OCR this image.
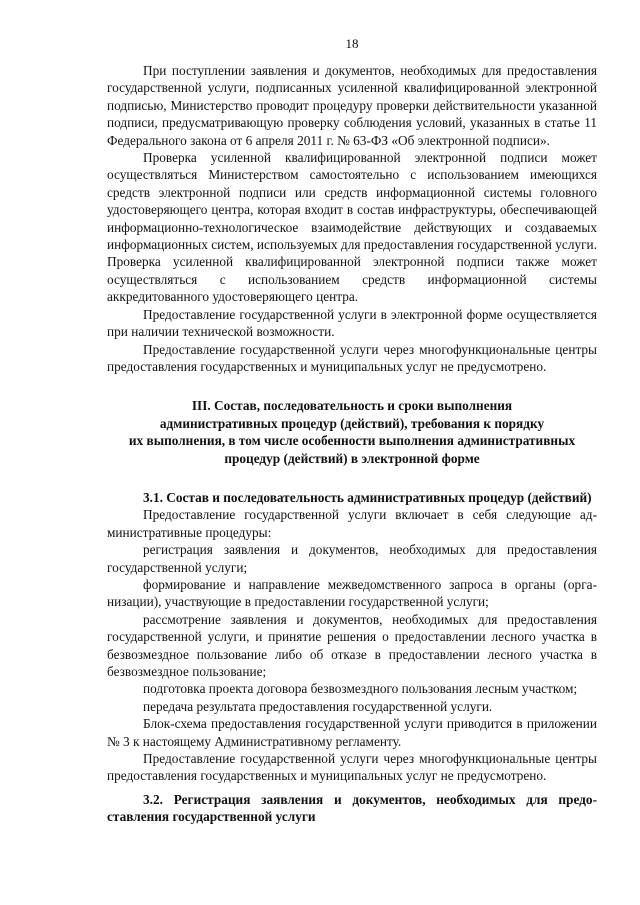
18

При поступлении заявления и документов, необходимых для предоставления государственной услуги, подписанных усиленной квалифицированной электронной подписью, Министерство проводит процедуру проверки действительности указанной подписи, предусматривающую проверку соблюдения условий, указанных в статье 11 Федерального закона от 6 апреля 2011 г. № 63-ФЗ «Об электронной подписи».

Проверка усиленной квалифицированной электронной подписи может осуществляться Министерством самостоятельно с использованием имеющихся средств электронной подписи или средств информационной системы головного удостоверяющего центра, которая входит в состав инфраструктуры, обеспечивающей информационно-технологическое взаимодействие действующих и создаваемых информационных систем, используемых для предоставления государственной услуги. Проверка усиленной квалифицированной электронной подписи также может осуществляться с использованием средств информационной системы аккредитованного удостоверяющего центра.

Предоставление государственной услуги в электронной форме осуществляется при наличии технической возможности.

Предоставление государственной услуги через многофункциональные центры предоставления государственных и муниципальных услуг не предусмотрено.

III. Состав, последовательность и сроки выполнения
административных процедур (действий), требования к порядку
их выполнения, в том числе особенности выполнения административных
процедур (действий) в электронной форме

3.1. Состав и последовательность административных процедур (действий)

Предоставление государственной услуги включает в себя следующие административные процедуры:

регистрация заявления и документов, необходимых для предоставления государственной услуги;

формирование и направление межведомственного запроса в органы (организации), участвующие в предоставлении государственной услуги;

рассмотрение заявления и документов, необходимых для предоставления государственной услуги, и принятие решения о предоставлении лесного участка в безвозмездное пользование либо об отказе в предоставлении лесного участка в безвозмездное пользование;

подготовка проекта договора безвозмездного пользования лесным участком;

передача результата предоставления государственной услуги.

Блок-схема предоставления государственной услуги приводится в приложении № 3 к настоящему Административному регламенту.

Предоставление государственной услуги через многофункциональные центры предоставления государственных и муниципальных услуг не предусмотрено.

3.2. Регистрация заявления и документов, необходимых для предоставления государственной услуги
